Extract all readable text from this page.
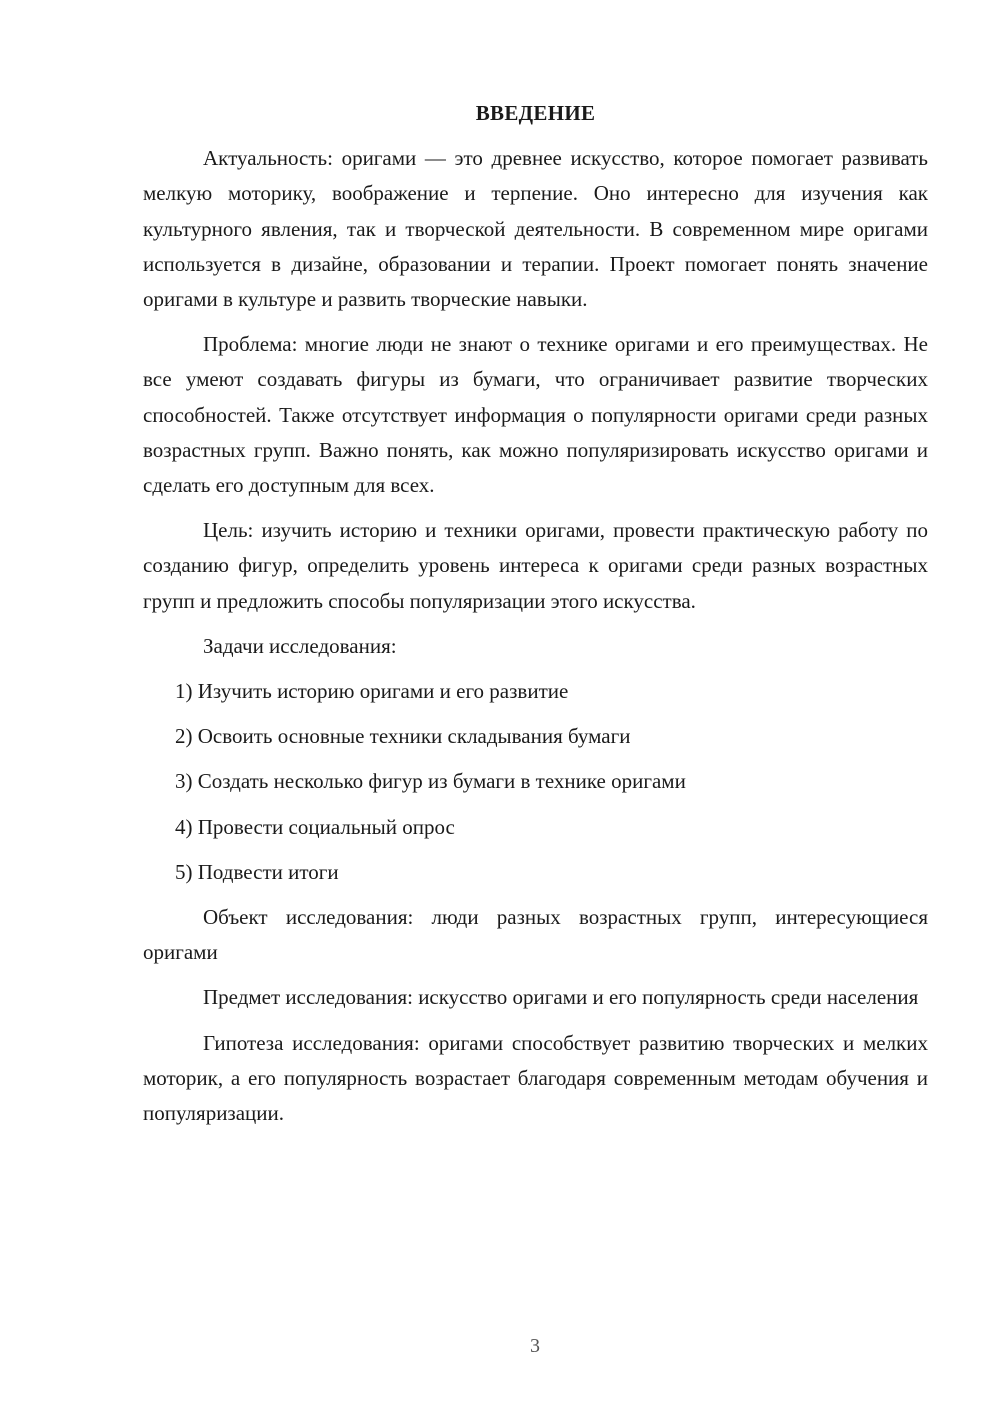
ВВЕДЕНИЕ

Актуальность: оригами — это древнее искусство, которое помогает развивать мелкую моторику, воображение и терпение. Оно интересно для изучения как культурного явления, так и творческой деятельности. В современном мире оригами используется в дизайне, образовании и терапии. Проект помогает понять значение оригами в культуре и развить творческие навыки.

Проблема: многие люди не знают о технике оригами и его преимуществах. Не все умеют создавать фигуры из бумаги, что ограничивает развитие творческих способностей. Также отсутствует информация о популярности оригами среди разных возрастных групп. Важно понять, как можно популяризировать искусство оригами и сделать его доступным для всех.

Цель: изучить историю и техники оригами, провести практическую работу по созданию фигур, определить уровень интереса к оригами среди разных возрастных групп и предложить способы популяризации этого искусства.

Задачи исследования:

1) Изучить историю оригами и его развитие
2) Освоить основные техники складывания бумаги
3) Создать несколько фигур из бумаги в технике оригами
4) Провести социальный опрос
5) Подвести итоги

Объект исследования: люди разных возрастных групп, интересующиеся оригами

Предмет исследования: искусство оригами и его популярность среди населения

Гипотеза исследования: оригами способствует развитию творческих и мелких моторик, а его популярность возрастает благодаря современным методам обучения и популяризации.

3
